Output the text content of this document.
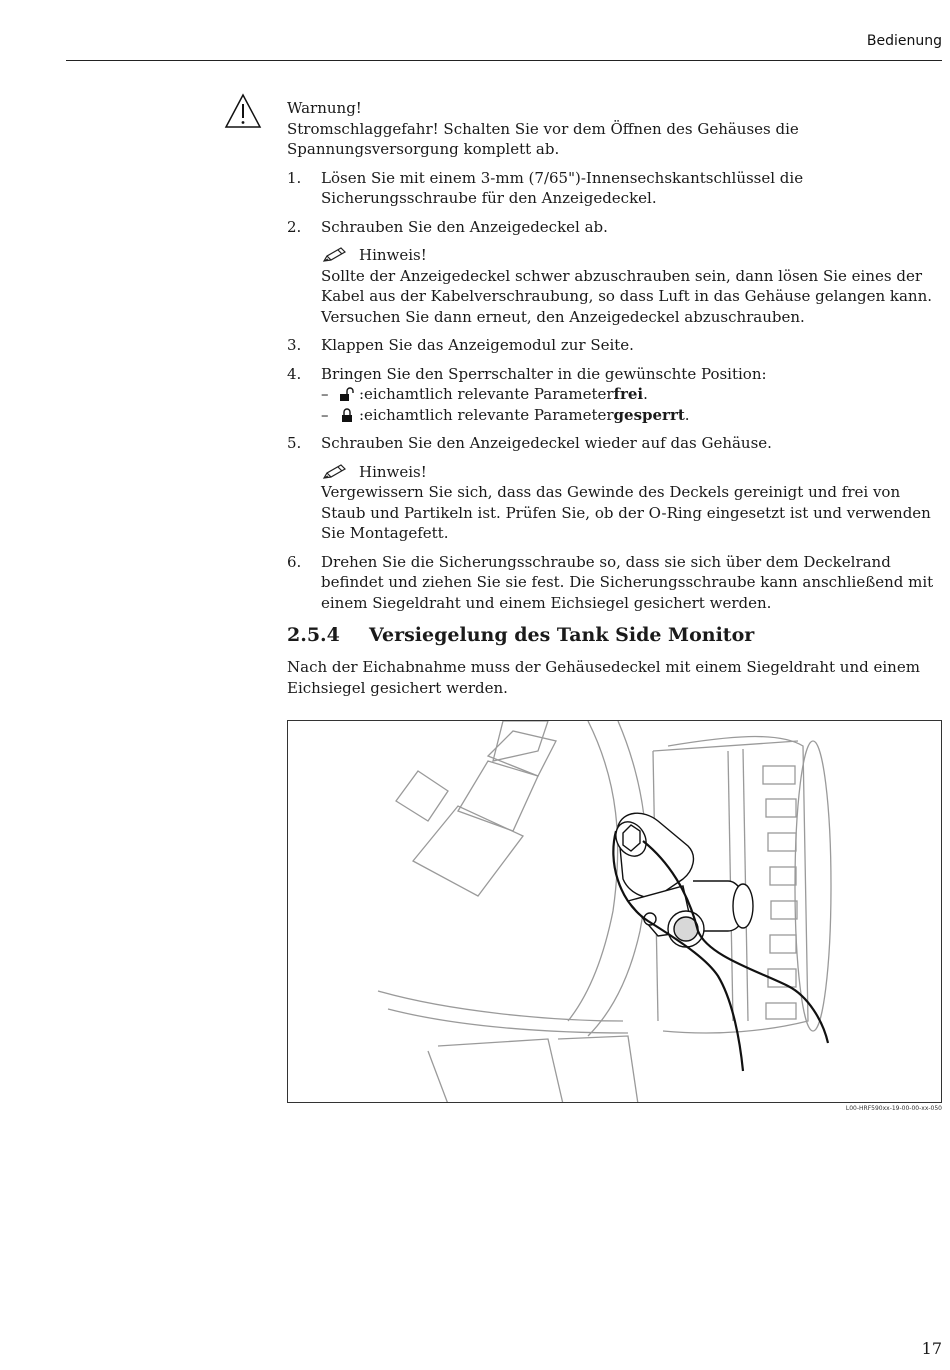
Bedienung

Warnung!
Stromschlaggefahr! Schalten Sie vor dem Öffnen des Gehäuses die Spannungsversorgung komplett ab.

1. Lösen Sie mit einem 3-mm (7/65")-Innensechskantschlüssel die Sicherungsschraube für den Anzeigedeckel.
2. Schrauben Sie den Anzeigedeckel ab.
Hinweis!
Sollte der Anzeigedeckel schwer abzuschrauben sein, dann lösen Sie eines der Kabel aus der Kabelverschraubung, so dass Luft in das Gehäuse gelangen kann. Versuchen Sie dann erneut, den Anzeigedeckel abzuschrauben.
3. Klappen Sie das Anzeigemodul zur Seite.
4. Bringen Sie den Sperrschalter in die gewünschte Position:
–	:eichamtlich relevante Parameter frei .
–	:eichamtlich relevante Parameter gesperrt .
5. Schrauben Sie den Anzeigedeckel wieder auf das Gehäuse.
Hinweis!
Vergewissern Sie sich, dass das Gewinde des Deckels gereinigt und frei von Staub und Partikeln ist. Prüfen Sie, ob der O-Ring eingesetzt ist und verwenden Sie Montagefett.
6. Drehen Sie die Sicherungsschraube so, dass sie sich über dem Deckelrand befindet und ziehen Sie sie fest. Die Sicherungsschraube kann anschließend mit einem Siegeldraht und einem Eichsiegel gesichert werden.
2.5.4 Versiegelung des Tank Side Monitor
Nach der Eichabnahme muss der Gehäusedeckel mit einem Siegeldraht und einem Eichsiegel gesichert werden.
L00-HRF590xx-19-00-00-xx-050
17
